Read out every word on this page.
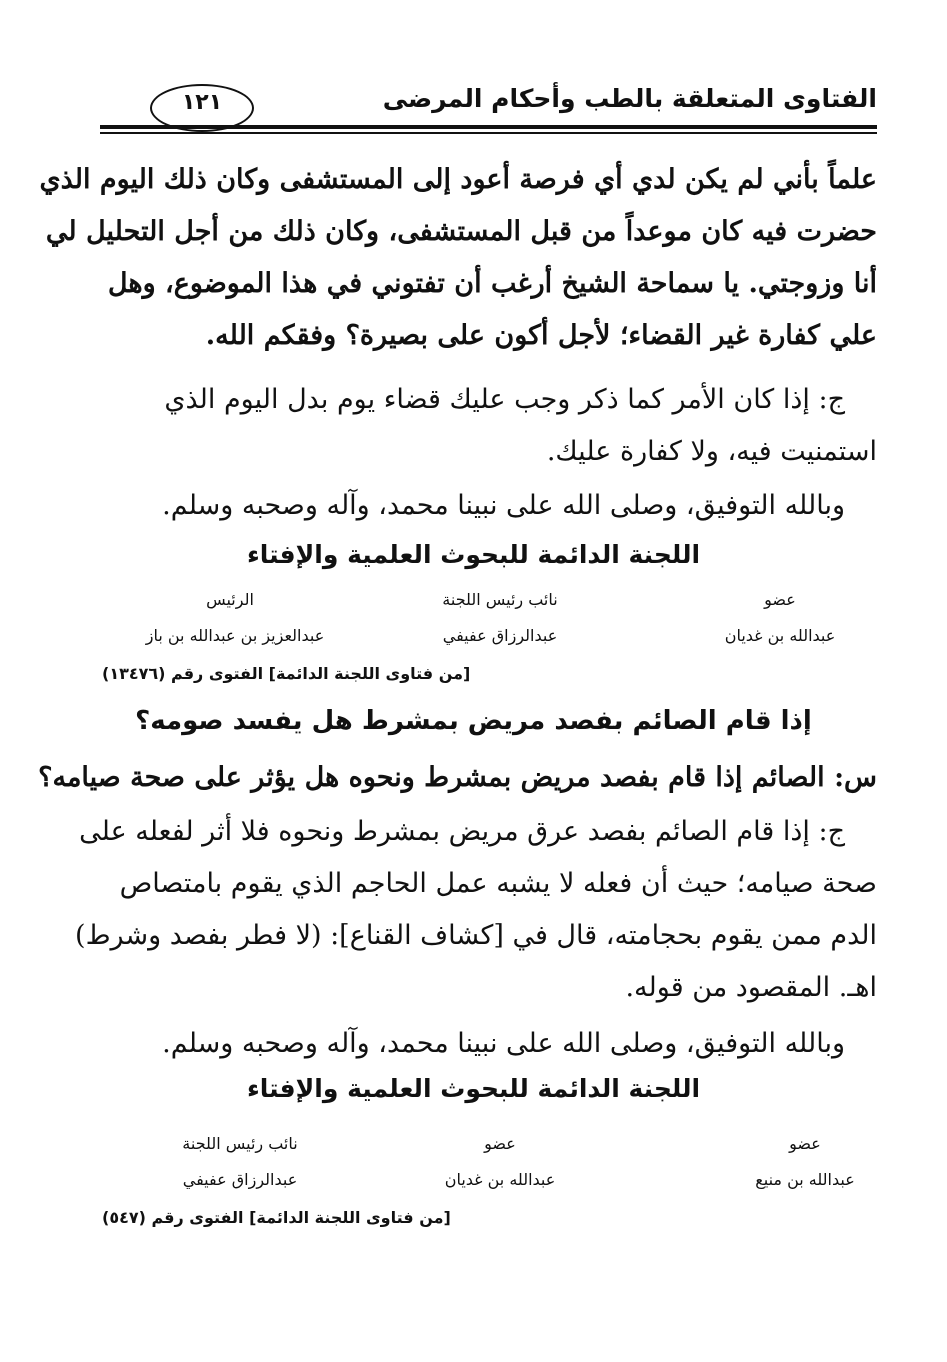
الفتاوى المتعلقة بالطب وأحكام المرضى
١٢١
علماً بأني لم يكن لدي أي فرصة أعود إلى المستشفى وكان ذلك اليوم الذي
حضرت فيه كان موعداً من قبل المستشفى، وكان ذلك من أجل التحليل لي
أنا وزوجتي. يا سماحة الشيخ أرغب أن تفتوني في هذا الموضوع، وهل
علي كفارة غير القضاء؛ لأجل أكون على بصيرة؟ وفقكم الله.
ج: إذا كان الأمر كما ذكر وجب عليك قضاء يوم بدل اليوم الذي
استمنيت فيه، ولا كفارة عليك.
وبالله التوفيق، وصلى الله على نبينا محمد، وآله وصحبه وسلم.
اللجنة الدائمة للبحوث العلمية والإفتاء
عضو
نائب رئيس اللجنة
الرئيس
عبدالله بن غديان
عبدالرزاق عفيفي
عبدالعزيز بن عبدالله بن باز
[من فتاوى اللجنة الدائمة] الفتوى رقم (١٣٤٧٦)
إذا قام الصائم بفصد مريض بمشرط هل يفسد صومه؟
س: الصائم إذا قام بفصد مريض بمشرط ونحوه هل يؤثر على صحة صيامه؟
ج: إذا قام الصائم بفصد عرق مريض بمشرط ونحوه فلا أثر لفعله على
صحة صيامه؛ حيث أن فعله لا يشبه عمل الحاجم الذي يقوم بامتصاص
الدم ممن يقوم بحجامته، قال في [كشاف القناع]: (لا فطر بفصد وشرط)
اهـ. المقصود من قوله.
وبالله التوفيق، وصلى الله على نبينا محمد، وآله وصحبه وسلم.
اللجنة الدائمة للبحوث العلمية والإفتاء
عضو
عضو
نائب رئيس اللجنة
عبدالله بن منيع
عبدالله بن غديان
عبدالرزاق عفيفي
[من فتاوى اللجنة الدائمة] الفتوى رقم (٥٤٧)
